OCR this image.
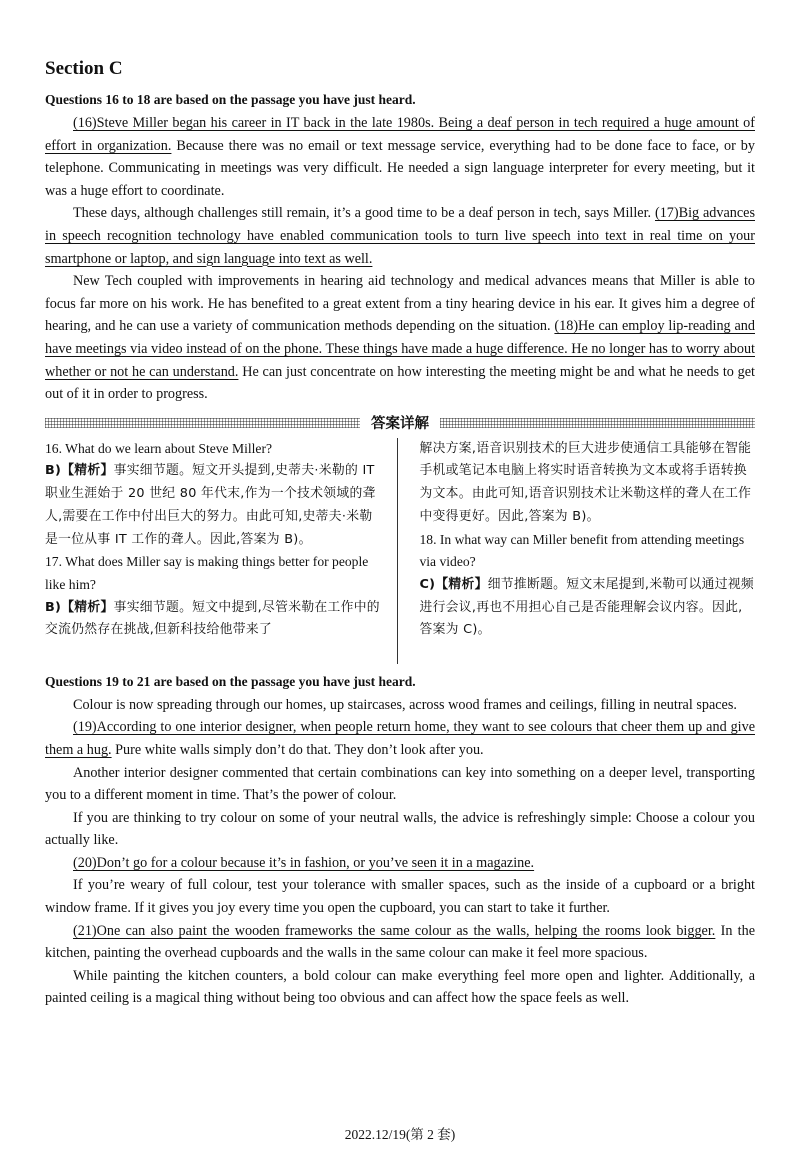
Section C
Questions 16 to 18 are based on the passage you have just heard.

(16)Steve Miller began his career in IT back in the late 1980s. Being a deaf person in tech required a huge amount of effort in organization. Because there was no email or text message service, everything had to be done face to face, or by telephone. Communicating in meetings was very difficult. He needed a sign language interpreter for every meeting, but it was a huge effort to coordinate.

These days, although challenges still remain, it’s a good time to be a deaf person in tech, says Miller. (17)Big advances in speech recognition technology have enabled communication tools to turn live speech into text in real time on your smartphone or laptop, and sign language into text as well.

New Tech coupled with improvements in hearing aid technology and medical advances means that Miller is able to focus far more on his work. He has benefited to a great extent from a tiny hearing device in his ear. It gives him a degree of hearing, and he can use a variety of communication methods depending on the situation. (18)He can employ lip-reading and have meetings via video instead of on the phone. These things have made a huge difference. He no longer has to worry about whether or not he can understand. He can just concentrate on how interesting the meeting might be and what he needs to get out of it in order to progress.

答案详解
16. What do we learn about Steve Miller?
B)【精析】事实细节题。短文开头提到,史蒂夫·米勒的 IT 职业生涯始于 20 世纪 80 年代末,作为一个技术领域的聋人,需要在工作中付出巨大的努力。由此可知,史蒂夫·米勒是一位从事 IT 工作的聋人。因此,答案为 B)。
17. What does Miller say is making things better for people like him?
B)【精析】事实细节题。短文中提到,尽管米勒在工作中的交流仍然存在挑战,但新科技给他带来了
解决方案,语音识别技术的巨大进步使通信工具能够在智能手机或笔记本电脑上将实时语音转换为文本或将手语转换为文本。由此可知,语音识别技术让米勒这样的聋人在工作中变得更好。因此,答案为 B)。
18. In what way can Miller benefit from attending meetings via video?
C)【精析】细节推断题。短文末尾提到,米勒可以通过视频进行会议,再也不用担心自己是否能理解会议内容。因此,答案为 C)。
Questions 19 to 21 are based on the passage you have just heard.

Colour is now spreading through our homes, up staircases, across wood frames and ceilings, filling in neutral spaces.

(19)According to one interior designer, when people return home, they want to see colours that cheer them up and give them a hug. Pure white walls simply don’t do that. They don’t look after you.

Another interior designer commented that certain combinations can key into something on a deeper level, transporting you to a different moment in time. That’s the power of colour.

If you are thinking to try colour on some of your neutral walls, the advice is refreshingly simple: Choose a colour you actually like.

(20)Don’t go for a colour because it’s in fashion, or you’ve seen it in a magazine.

If you’re weary of full colour, test your tolerance with smaller spaces, such as the inside of a cupboard or a bright window frame. If it gives you joy every time you open the cupboard, you can start to take it further.

(21)One can also paint the wooden frameworks the same colour as the walls, helping the rooms look bigger. In the kitchen, painting the overhead cupboards and the walls in the same colour can make it feel more spacious.

While painting the kitchen counters, a bold colour can make everything feel more open and lighter. Additionally, a painted ceiling is a magical thing without being too obvious and can affect how the space feels as well.

2022.12/19(第 2 套)
